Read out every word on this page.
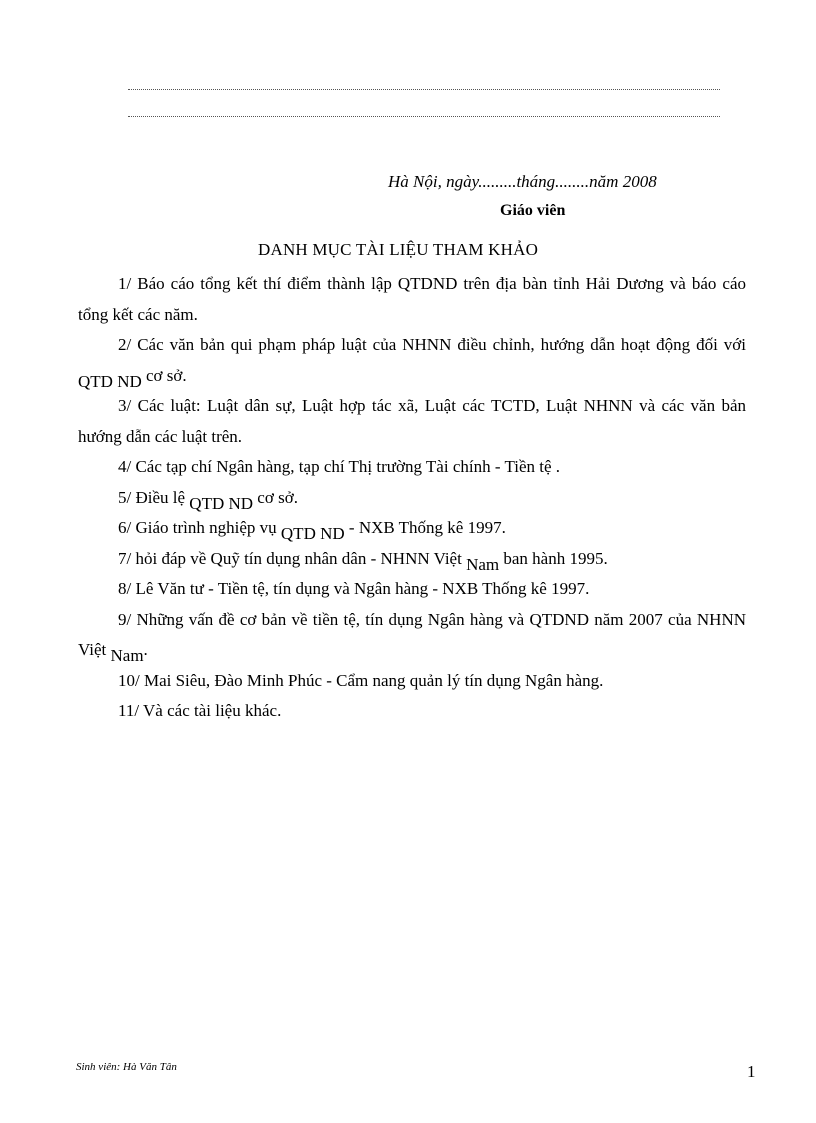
Hà Nội, ngày.........tháng........năm 2008
Giáo viên
DANH MỤC TÀI LIỆU THAM KHẢO

1/ Báo cáo tổng kết thí điểm thành lập QTDND trên địa bàn tỉnh Hải Dương và báo cáo tổng kết các năm.

2/ Các văn bản qui phạm pháp luật của NHNN điều chỉnh, hướng dẫn hoạt động đối với QTD ND cơ sở.

3/ Các luật: Luật dân sự, Luật hợp tác xã, Luật các TCTD, Luật NHNN và các văn bản hướng dẫn các luật trên.

4/ Các tạp chí Ngân hàng, tạp chí Thị trường Tài chính - Tiền tệ .

5/ Điều lệ QTD ND cơ sở.

6/ Giáo trình nghiệp vụ QTD ND - NXB Thống kê 1997.

7/ hỏi đáp về Quỹ tín dụng nhân dân - NHNN Việt Nam ban hành 1995.

8/ Lê Văn tư - Tiền tệ, tín dụng và Ngân hàng - NXB Thống kê 1997.

9/ Những vấn đề cơ bản về tiền tệ, tín dụng Ngân hàng và QTDND năm 2007 của NHNN Việt Nam.

10/ Mai Siêu, Đào Minh Phúc - Cẩm nang quản lý tín dụng Ngân hàng.

11/ Và các tài liệu khác.

Sinh viên: Hà Văn Tân	1
